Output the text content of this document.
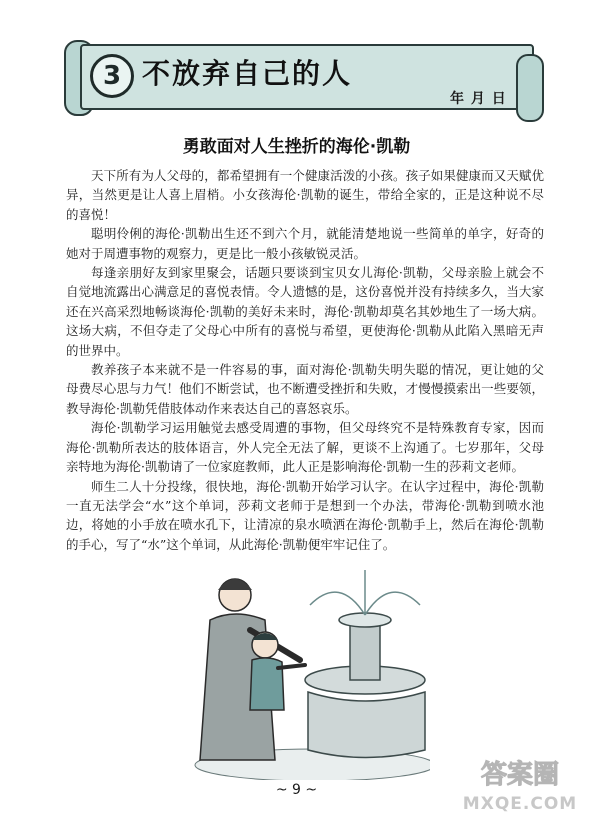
3 不放弃自己的人
年 月 日
勇敢面对人生挫折的海伦·凯勒

天下所有为人父母的，都希望拥有一个健康活泼的小孩。孩子如果健康而又天赋优异，当然更是让人喜上眉梢。小女孩海伦·凯勒的诞生，带给全家的，正是这种说不尽的喜悦！

聪明伶俐的海伦·凯勒出生还不到六个月，就能清楚地说一些简单的单字，好奇的她对于周遭事物的观察力，更是比一般小孩敏锐灵活。

每逢亲朋好友到家里聚会，话题只要谈到宝贝女儿海伦·凯勒，父母亲脸上就会不自觉地流露出心满意足的喜悦表情。令人遗憾的是，这份喜悦并没有持续多久，当大家还在兴高采烈地畅谈海伦·凯勒的美好未来时，海伦·凯勒却莫名其妙地生了一场大病。这场大病，不但夺走了父母心中所有的喜悦与希望，更使海伦·凯勒从此陷入黑暗无声的世界中。

教养孩子本来就不是一件容易的事，面对海伦·凯勒失明失聪的情况，更让她的父母费尽心思与力气！他们不断尝试，也不断遭受挫折和失败，才慢慢摸索出一些要领，教导海伦·凯勒凭借肢体动作来表达自己的喜怒哀乐。

海伦·凯勒学习运用触觉去感受周遭的事物，但父母终究不是特殊教育专家，因而海伦·凯勒所表达的肢体语言，外人完全无法了解，更谈不上沟通了。七岁那年，父母亲特地为海伦·凯勒请了一位家庭教师，此人正是影响海伦·凯勒一生的莎莉文老师。

师生二人十分投缘，很快地，海伦·凯勒开始学习认字。在认字过程中，海伦·凯勒一直无法学会“水”这个单词，莎莉文老师于是想到一个办法，带海伦·凯勒到喷水池边，将她的小手放在喷水孔下，让清凉的泉水喷洒在海伦·凯勒手上，然后在海伦·凯勒的手心，写了“水”这个单词，从此海伦·凯勒便牢牢记住了。

~ 9 ~	答案圈
MXQE.COM
